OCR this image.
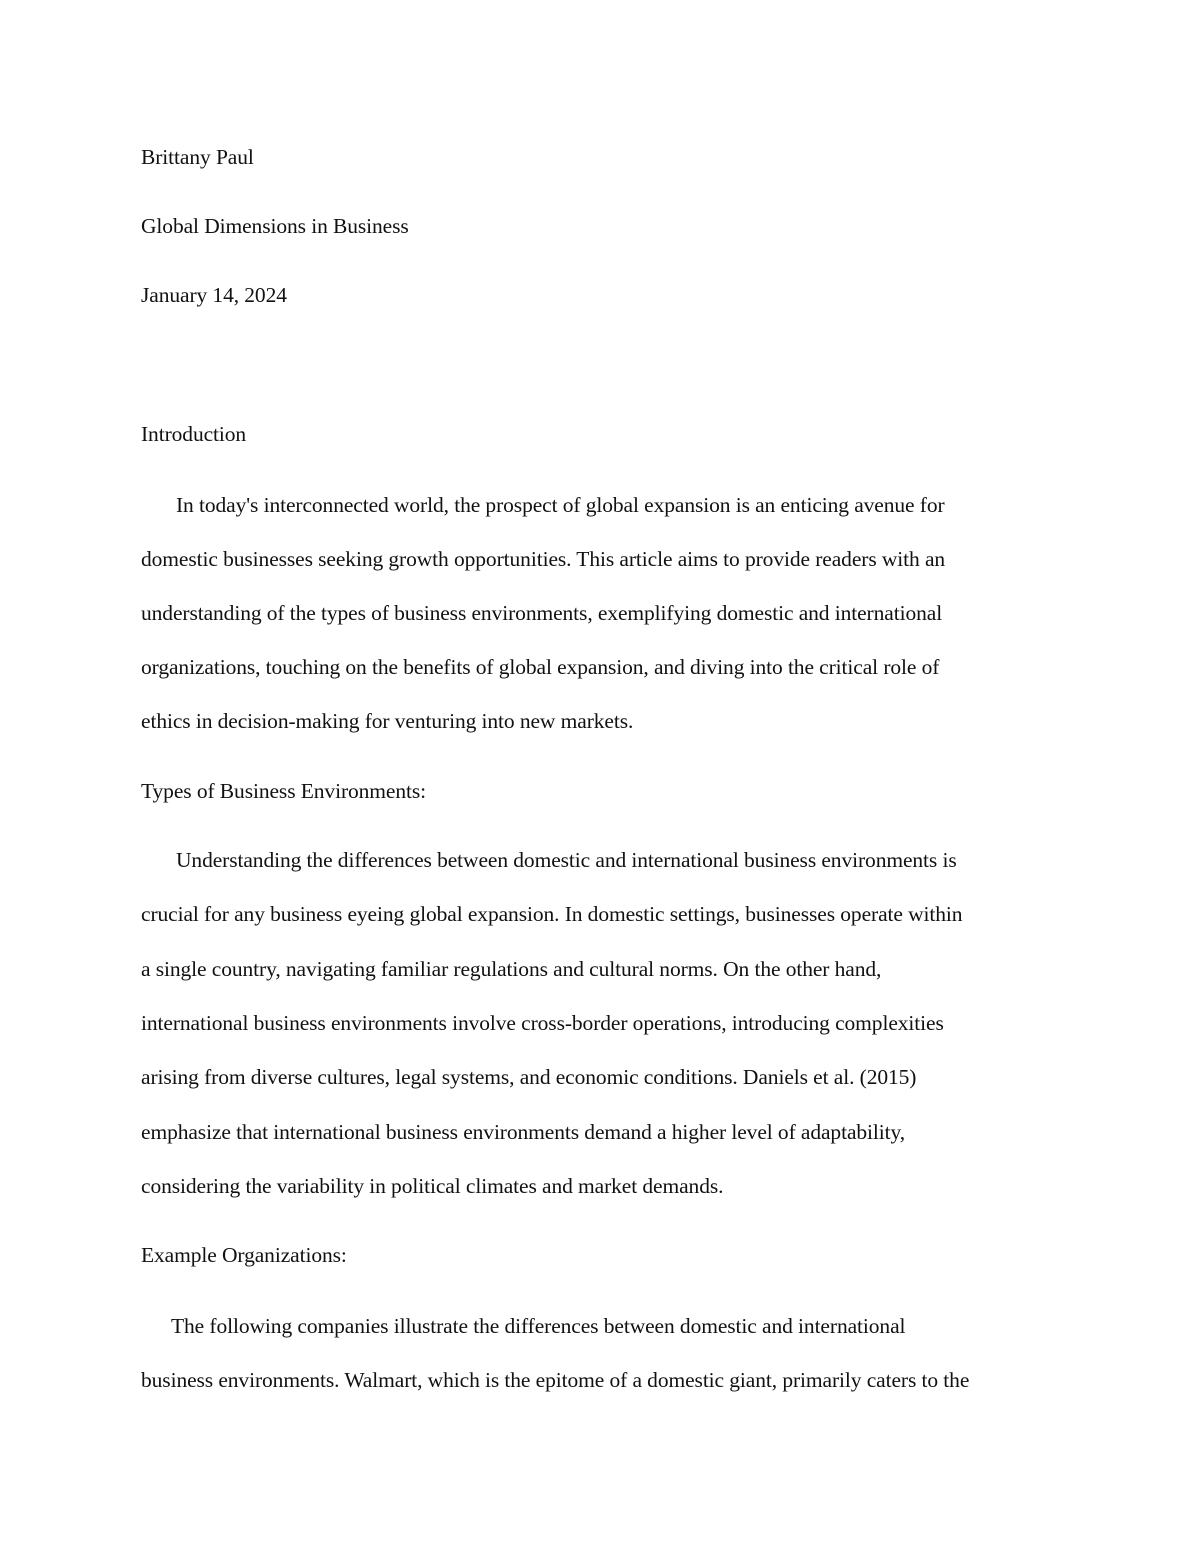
Brittany Paul
Global Dimensions in Business
January 14, 2024
Introduction
In today's interconnected world, the prospect of global expansion is an enticing avenue for
domestic businesses seeking growth opportunities. This article aims to provide readers with an
understanding of the types of business environments, exemplifying domestic and international
organizations, touching on the benefits of global expansion, and diving into the critical role of
ethics in decision-making for venturing into new markets.
Types of Business Environments:
Understanding the differences between domestic and international business environments is
crucial for any business eyeing global expansion. In domestic settings, businesses operate within
a single country, navigating familiar regulations and cultural norms. On the other hand,
international business environments involve cross-border operations, introducing complexities
arising from diverse cultures, legal systems, and economic conditions. Daniels et al. (2015)
emphasize that international business environments demand a higher level of adaptability,
considering the variability in political climates and market demands.
Example Organizations:
The following companies illustrate the differences between domestic and international
business environments. Walmart, which is the epitome of a domestic giant, primarily caters to the
